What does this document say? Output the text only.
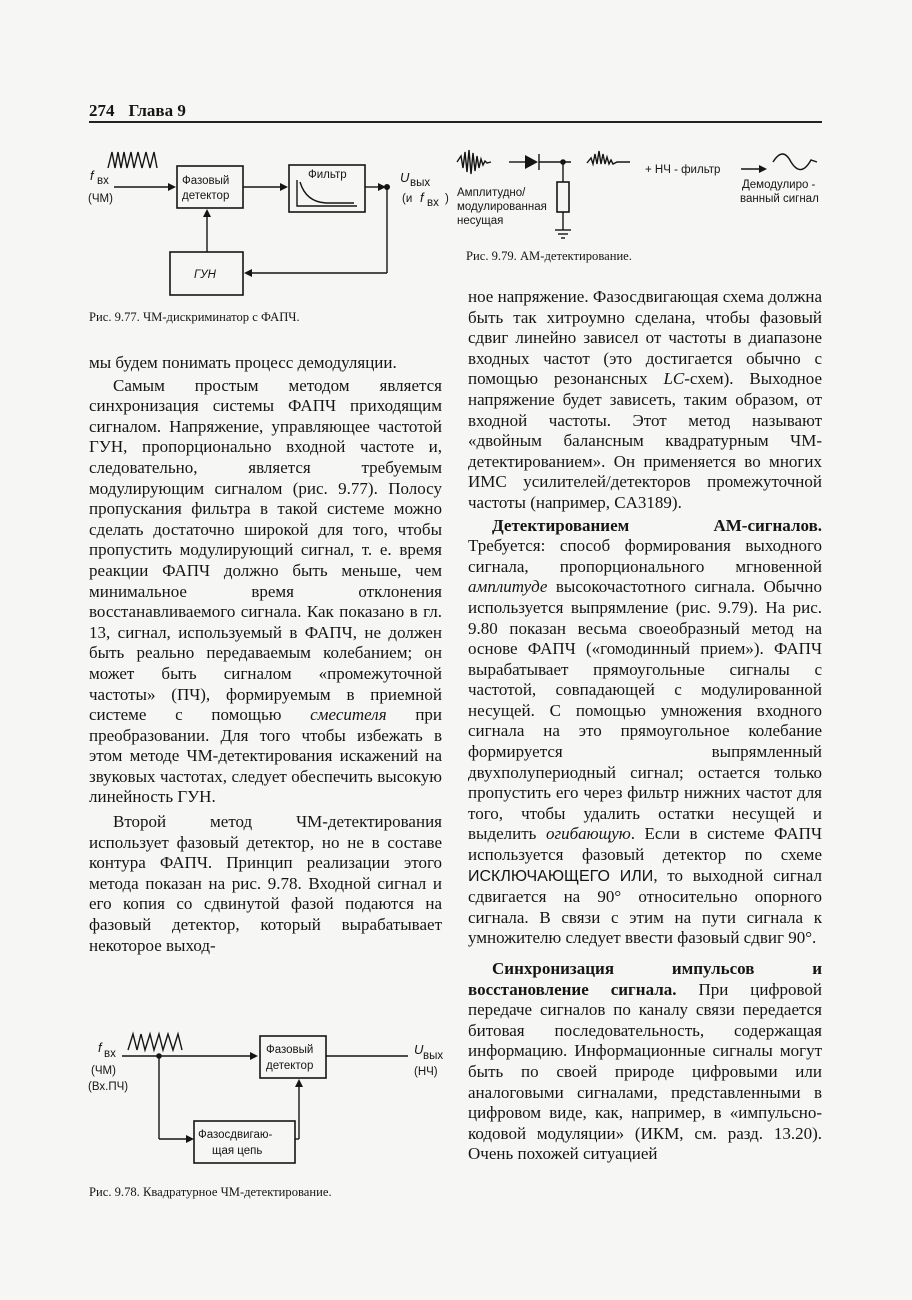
274 Глава 9
f вх
(ЧМ)
Фазовый
детектор
Фильтр	U вых
(и f вх )
ГУН
Рис. 9.77. ЧМ-дискриминатор с ФАПЧ.
+ НЧ - фильтр
Амплитудно/
модулированная
несущая
Демодулиро -
ванный сигнал
Рис. 9.79. АМ-детектирование.

мы будем понимать процесс демодуляции.

Самым простым методом является синхронизация системы ФАПЧ приходящим сигналом. Напряжение, управляющее частотой ГУН, пропорционально входной частоте и, следовательно, является требуемым модулирующим сигналом (рис. 9.77). Полосу пропускания фильтра в такой системе можно сделать достаточно широкой для того, чтобы пропустить модулирующий сигнал, т. е. время реакции ФАПЧ должно быть меньше, чем минимальное время отклонения восстанавливаемого сигнала. Как показано в гл. 13, сигнал, используемый в ФАПЧ, не должен быть реально передаваемым колебанием; он может быть сигналом «промежуточной частоты» (ПЧ), формируемым в приемной системе с помощью смесителя при преобразовании. Для того чтобы избежать в этом методе ЧМ-детектирования искажений на звуковых частотах, следует обеспечить высокую линейность ГУН.

Второй метод ЧМ-детектирования использует фазовый детектор, но не в составе контура ФАПЧ. Принцип реализации этого метода показан на рис. 9.78. Входной сигнал и его копия со сдвинутой фазой подаются на фазовый детектор, который вырабатывает некоторое выход-

f вх
(ЧМ)
(Вх.ПЧ)
Фазовый
детектор
U вых
(НЧ)
Фазосдвигаю-
щая цепь
Рис. 9.78. Квадратурное ЧМ-детектирование.

ное напряжение. Фазосдвигающая схема должна быть так хитроумно сделана, чтобы фазовый сдвиг линейно зависел от частоты в диапазоне входных частот (это достигается обычно с помощью резонансных LC-схем). Выходное напряжение будет зависеть, таким образом, от входной частоты. Этот метод называют «двойным балансным квадратурным ЧМ-детектированием». Он применяется во многих ИМС усилителей/детекторов промежуточной частоты (например, CA3189).

Детектированием АМ-сигналов. Требуется: способ формирования выходного сигнала, пропорционального мгновенной амплитуде высокочастотного сигнала. Обычно используется выпрямление (рис. 9.79). На рис. 9.80 показан весьма своеобразный метод на основе ФАПЧ («гомодинный прием»). ФАПЧ вырабатывает прямоугольные сигналы с частотой, совпадающей с модулированной несущей. С помощью умножения входного сигнала на это прямоугольное колебание формируется выпрямленный двухполупериодный сигнал; остается только пропустить его через фильтр нижних частот для того, чтобы удалить остатки несущей и выделить огибающую. Если в системе ФАПЧ используется фазовый детектор по схеме ИСКЛЮЧАЮЩЕГО ИЛИ, то выходной сигнал сдвигается на 90° относительно опорного сигнала. В связи с этим на пути сигнала к умножителю следует ввести фазовый сдвиг 90°.

Синхронизация импульсов и восстановление сигнала. При цифровой передаче сигналов по каналу связи передается битовая последовательность, содержащая информацию. Информационные сигналы могут быть по своей природе цифровыми или аналоговыми сигналами, представленными в цифровом виде, как, например, в «импульсно-кодовой модуляции» (ИКМ, см. разд. 13.20). Очень похожей ситуацией
